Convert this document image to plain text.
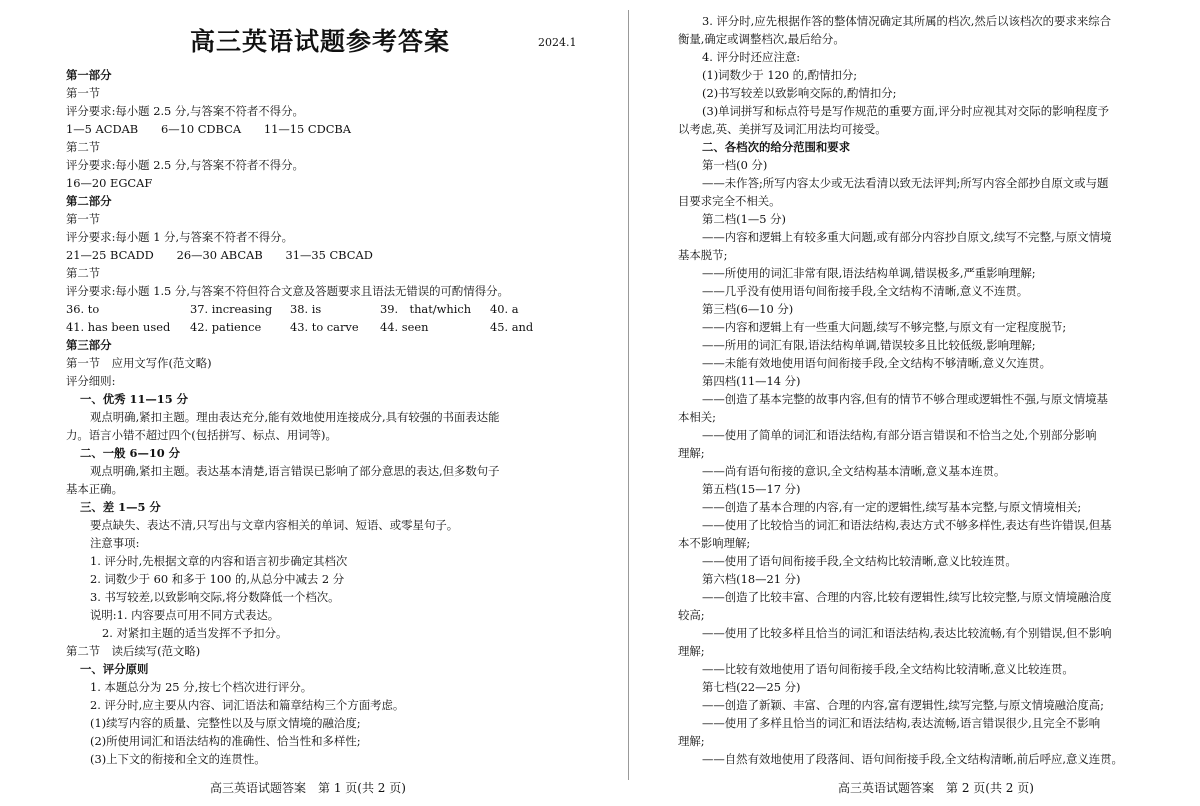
高三英语试题参考答案	2024.1
第一部分
第一节
评分要求:每小题 2.5 分,与答案不符者不得分。
1—5 ACDAB　　6—10 CDBCA　　11—15 CDCBA
第二节
评分要求:每小题 2.5 分,与答案不符者不得分。
16—20 EGCAF
第二部分
第一节
评分要求:每小题 1 分,与答案不符者不得分。
21—25 BCADD　　26—30 ABCAB　　31—35 CBCAD
第二节
评分要求:每小题 1.5 分,与答案不符但符合文意及答题要求且语法无错误的可酌情得分。
36. to	37. increasing	38. is	39.　that/which	40. a
41. has been used	42. patience	43. to carve	44. seen	45. and
第三部分
第一节　应用文写作(范文略)
评分细则:
一、优秀 11—15 分
观点明确,紧扣主题。理由表达充分,能有效地使用连接成分,具有较强的书面表达能
力。语言小错不超过四个(包括拼写、标点、用词等)。
二、一般 6—10 分
观点明确,紧扣主题。表达基本清楚,语言错误已影响了部分意思的表达,但多数句子
基本正确。
三、差 1—5 分
要点缺失、表达不清,只写出与文章内容相关的单词、短语、或零星句子。
注意事项:
1. 评分时,先根据文章的内容和语言初步确定其档次
2. 词数少于 60 和多于 100 的,从总分中减去 2 分
3. 书写较差,以致影响交际,将分数降低一个档次。
说明:1. 内容要点可用不同方式表达。
2. 对紧扣主题的适当发挥不予扣分。
第二节　读后续写(范文略)
一、评分原则
1. 本题总分为 25 分,按七个档次进行评分。
2. 评分时,应主要从内容、词汇语法和篇章结构三个方面考虑。
(1)续写内容的质量、完整性以及与原文情境的融洽度;
(2)所使用词汇和语法结构的准确性、恰当性和多样性;
(3)上下文的衔接和全文的连贯性。
高三英语试题答案　第 1 页(共 2 页)
3. 评分时,应先根据作答的整体情况确定其所属的档次,然后以该档次的要求来综合
衡量,确定或调整档次,最后给分。
4. 评分时还应注意:
(1)词数少于 120 的,酌情扣分;
(2)书写较差以致影响交际的,酌情扣分;
(3)单词拼写和标点符号是写作规范的重要方面,评分时应视其对交际的影响程度予
以考虑,英、美拼写及词汇用法均可接受。
二、各档次的给分范围和要求
第一档(0 分)
——未作答;所写内容太少或无法看清以致无法评判;所写内容全部抄自原文或与题
目要求完全不相关。
第二档(1—5 分)
——内容和逻辑上有较多重大问题,或有部分内容抄自原文,续写不完整,与原文情境
基本脱节;
——所使用的词汇非常有限,语法结构单调,错误极多,严重影响理解;
——几乎没有使用语句间衔接手段,全文结构不清晰,意义不连贯。
第三档(6—10 分)
——内容和逻辑上有一些重大问题,续写不够完整,与原文有一定程度脱节;
——所用的词汇有限,语法结构单调,错误较多且比较低级,影响理解;
——未能有效地使用语句间衔接手段,全文结构不够清晰,意义欠连贯。
第四档(11—14 分)
——创造了基本完整的故事内容,但有的情节不够合理或逻辑性不强,与原文情境基
本相关;
——使用了简单的词汇和语法结构,有部分语言错误和不恰当之处,个别部分影响
理解;
——尚有语句衔接的意识,全文结构基本清晰,意义基本连贯。
第五档(15—17 分)
——创造了基本合理的内容,有一定的逻辑性,续写基本完整,与原文情境相关;
——使用了比较恰当的词汇和语法结构,表达方式不够多样性,表达有些许错误,但基
本不影响理解;
——使用了语句间衔接手段,全文结构比较清晰,意义比较连贯。
第六档(18—21 分)
——创造了比较丰富、合理的内容,比较有逻辑性,续写比较完整,与原文情境融洽度
较高;
——使用了比较多样且恰当的词汇和语法结构,表达比较流畅,有个别错误,但不影响
理解;
——比较有效地使用了语句间衔接手段,全文结构比较清晰,意义比较连贯。
第七档(22—25 分)
——创造了新颖、丰富、合理的内容,富有逻辑性,续写完整,与原文情境融洽度高;
——使用了多样且恰当的词汇和语法结构,表达流畅,语言错误很少,且完全不影响
理解;
——自然有效地使用了段落间、语句间衔接手段,全文结构清晰,前后呼应,意义连贯。
高三英语试题答案　第 2 页(共 2 页)
